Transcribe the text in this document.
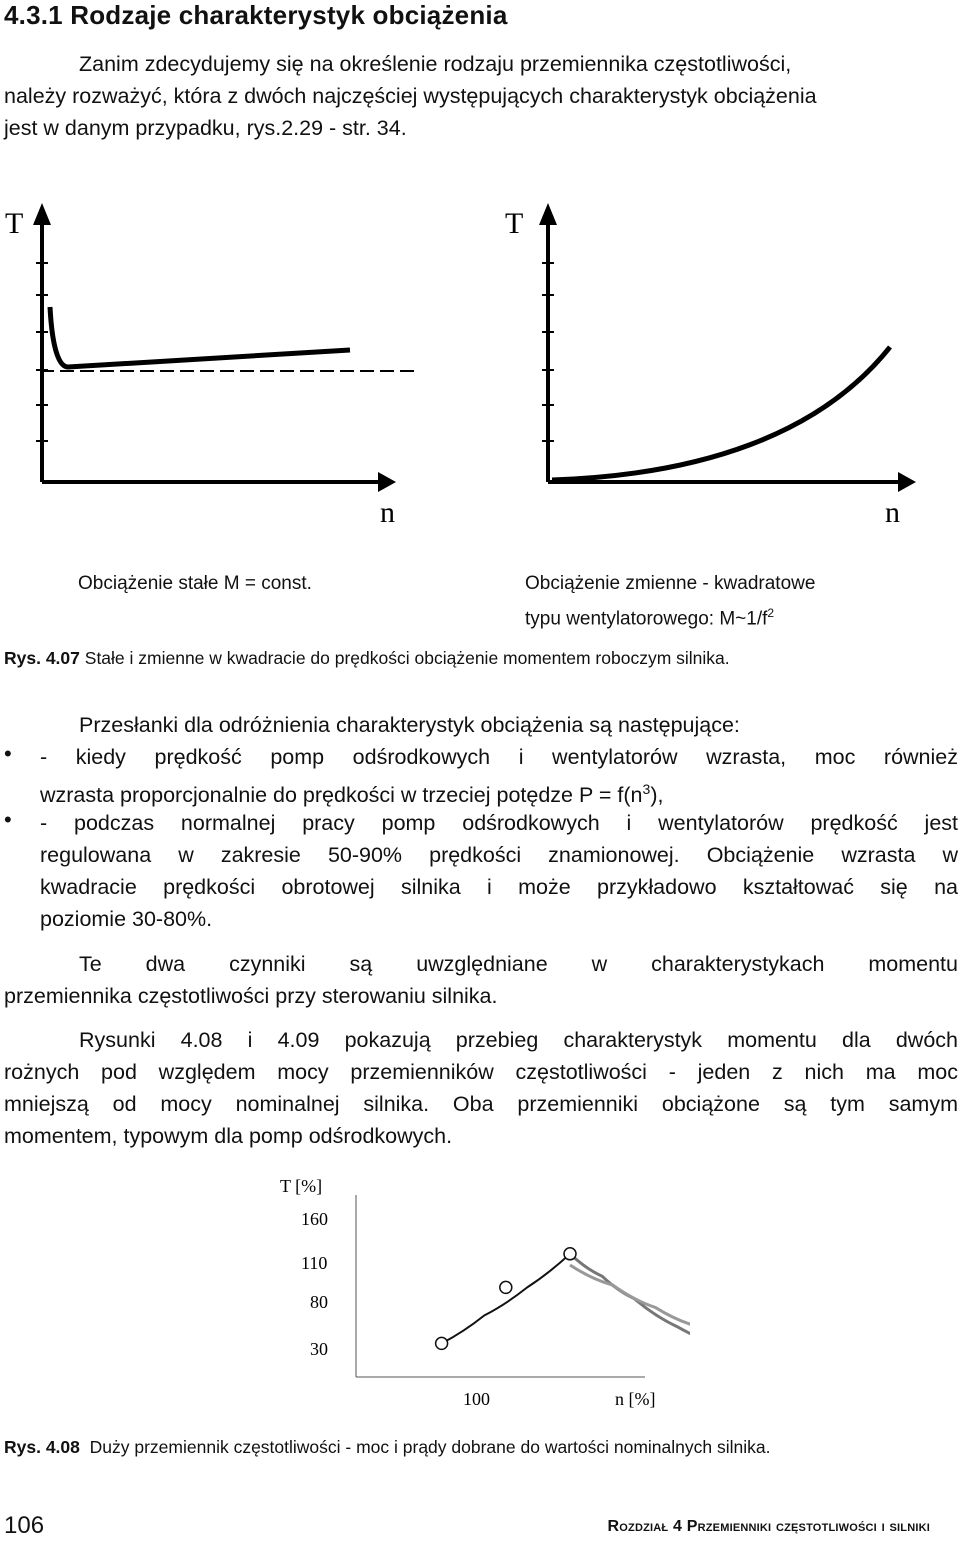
4.3.1 Rodzaje charakterystyk obciążenia

Zanim zdecydujemy się na określenie rodzaju przemiennika częstotliwości,

należy rozważyć, która z dwóch najczęściej występujących charakterystyk obciążenia

jest w danym przypadku, rys.2.29 - str. 34.

T
n
T
n
Obciążenie stałe M = const.	Obciążenie zmienne - kwadratowe
typu wentylatorowego: $M\sim 1/f^2$
Rys. 4.07 Stałe i zmienne w kwadracie do prędkości obciążenie momentem roboczym silnika.

Przesłanki dla odróżnienia charakterystyk obciążenia są następujące:

• - kiedy prędkość pomp odśrodkowych i wentylatorów wzrasta, moc również
wzrasta proporcjonalnie do prędkości w trzeciej potędze $P = f(n^3)$,
• - podczas normalnej pracy pomp odśrodkowych i wentylatorów prędkość jest
regulowana w zakresie 50-90% prędkości znamionowej. Obciążenie wzrasta w
kwadracie prędkości obrotowej silnika i może przykładowo kształtować się na
poziomie 30-80%.

Te dwa czynniki są uwzględniane w charakterystykach momentu

przemiennika częstotliwości przy sterowaniu silnika.

Rysunki 4.08 i 4.09 pokazują przebieg charakterystyk momentu dla dwóch

rożnych pod względem mocy przemienników częstotliwości - jeden z nich ma moc

mniejszą od mocy nominalnej silnika. Oba przemienniki obciążone są tym samym

momentem, typowym dla pomp odśrodkowych.

T [%]
n [%]
160
110
80
30
100
Rys. 4.08 Duży przemiennik częstotliwości - moc i prądy dobrane do wartości nominalnych silnika.
106	Rozdział 4 Przemienniki częstotliwości i silniki
